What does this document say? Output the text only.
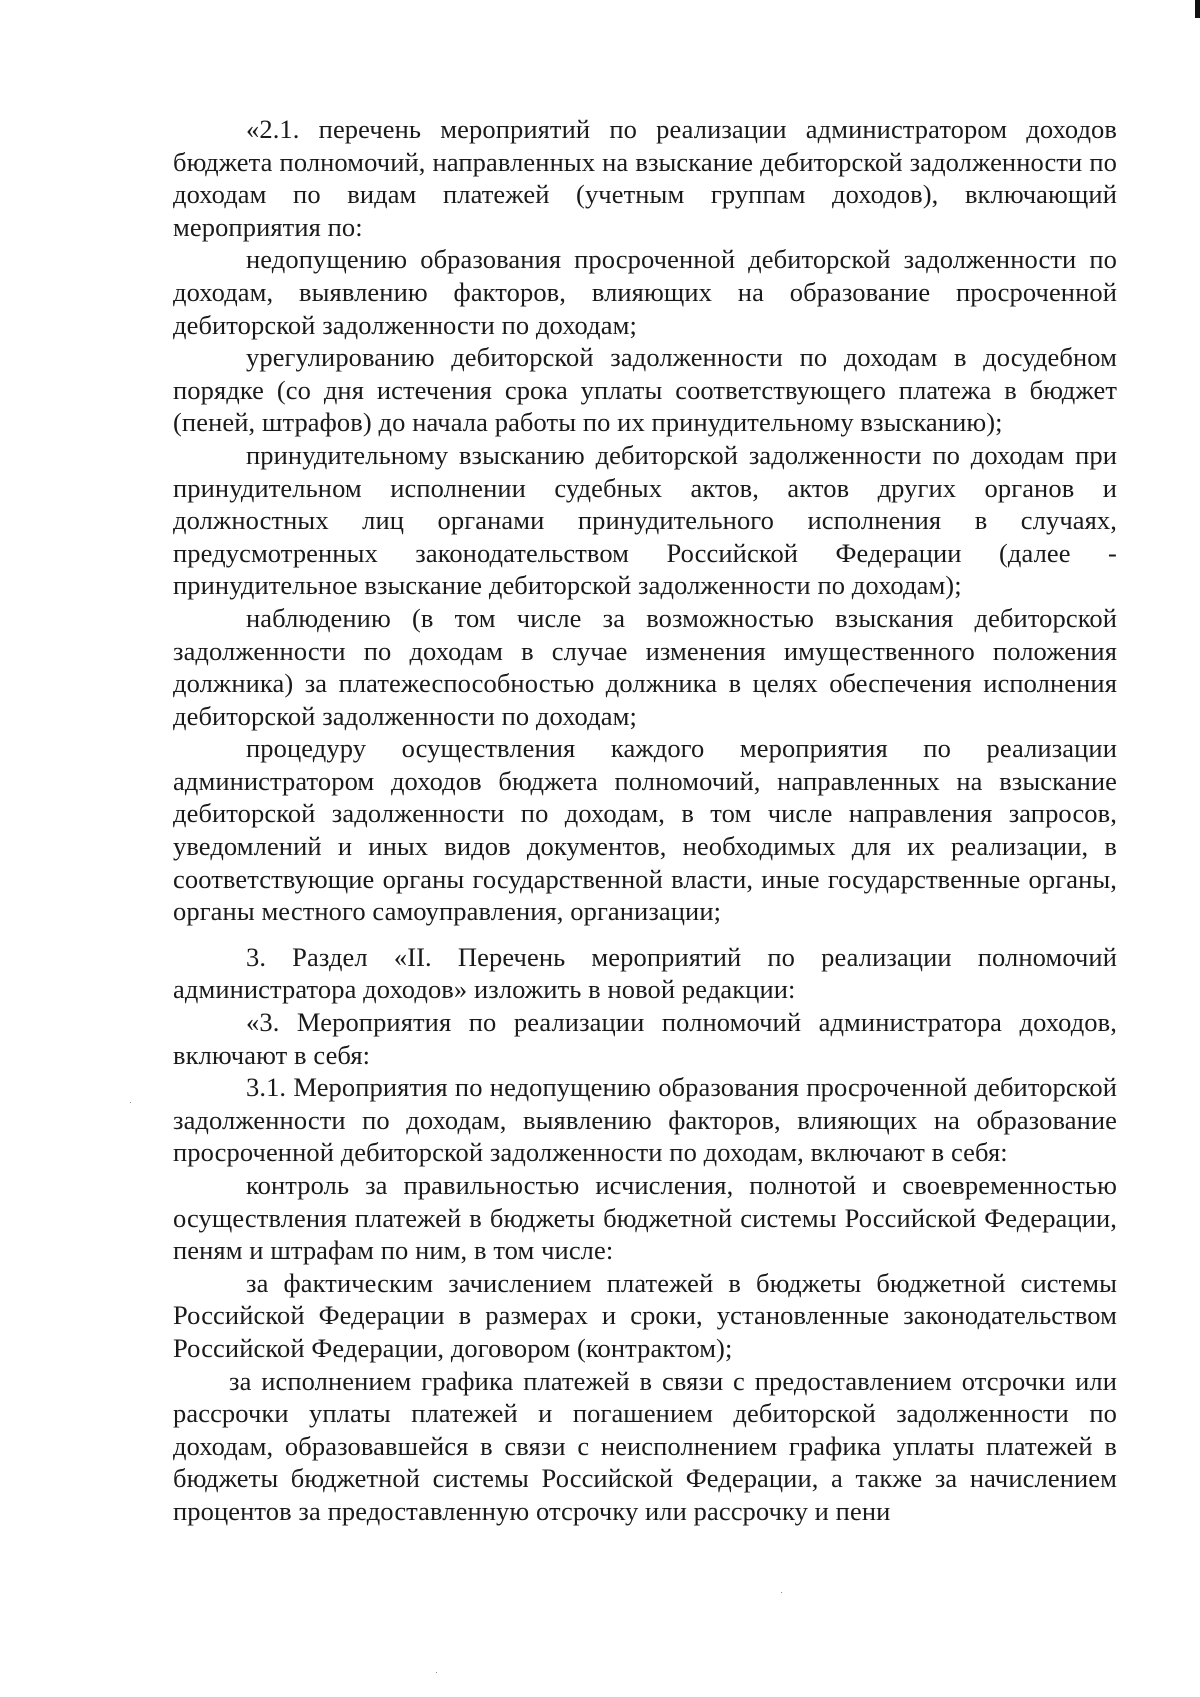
«2.1. перечень мероприятий по реализации администратором доходов бюджета полномочий, направленных на взыскание дебиторской задолженности по доходам по видам платежей (учетным группам доходов), включающий мероприятия по:

недопущению образования просроченной дебиторской задолженности по доходам, выявлению факторов, влияющих на образование просроченной дебиторской задолженности по доходам;

урегулированию дебиторской задолженности по доходам в досудебном порядке (со дня истечения срока уплаты соответствующего платежа в бюджет (пеней, штрафов) до начала работы по их принудительному взысканию);

принудительному взысканию дебиторской задолженности по доходам при принудительном исполнении судебных актов, актов других органов и должностных лиц органами принудительного исполнения в случаях, предусмотренных законодательством Российской Федерации (далее - принудительное взыскание дебиторской задолженности по доходам);

наблюдению (в том числе за возможностью взыскания дебиторской задолженности по доходам в случае изменения имущественного положения должника) за платежеспособностью должника в целях обеспечения исполнения дебиторской задолженности по доходам;

процедуру осуществления каждого мероприятия по реализации администратором доходов бюджета полномочий, направленных на взыскание дебиторской задолженности по доходам, в том числе направления запросов, уведомлений и иных видов документов, необходимых для их реализации, в соответствующие органы государственной власти, иные государственные органы, органы местного самоуправления, организации;

3. Раздел «II. Перечень мероприятий по реализации полномочий администратора доходов» изложить в новой редакции:

«3. Мероприятия по реализации полномочий администратора доходов, включают в себя:

3.1. Мероприятия по недопущению образования просроченной дебиторской задолженности по доходам, выявлению факторов, влияющих на образование просроченной дебиторской задолженности по доходам, включают в себя:

контроль за правильностью исчисления, полнотой и своевременностью осуществления платежей в бюджеты бюджетной системы Российской Федерации, пеням и штрафам по ним, в том числе:

за фактическим зачислением платежей в бюджеты бюджетной системы Российской Федерации в размерах и сроки, установленные законодательством Российской Федерации, договором (контрактом);

за исполнением графика платежей в связи с предоставлением отсрочки или рассрочки уплаты платежей и погашением дебиторской задолженности по доходам, образовавшейся в связи с неисполнением графика уплаты платежей в бюджеты бюджетной системы Российской Федерации, а также за начислением процентов за предоставленную отсрочку или рассрочку и пени
